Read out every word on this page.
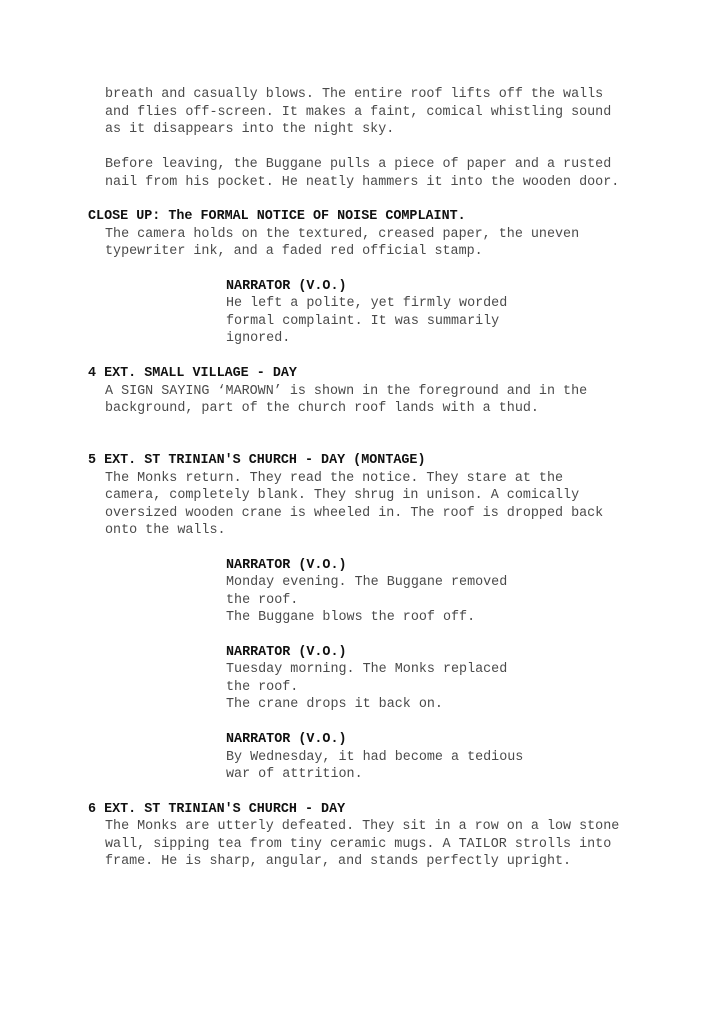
breath and casually blows. The entire roof lifts off the walls
and flies off-screen. It makes a faint, comical whistling sound
as it disappears into the night sky.
Before leaving, the Buggane pulls a piece of paper and a rusted
nail from his pocket. He neatly hammers it into the wooden door.
CLOSE UP: The FORMAL NOTICE OF NOISE COMPLAINT.
The camera holds on the textured, creased paper, the uneven
typewriter ink, and a faded red official stamp.
NARRATOR (V.O.)
He left a polite, yet firmly worded
formal complaint. It was summarily
ignored.
4 EXT. SMALL VILLAGE - DAY
A SIGN SAYING ‘MAROWN’ is shown in the foreground and in the
background, part of the church roof lands with a thud.
5 EXT. ST TRINIAN'S CHURCH - DAY (MONTAGE)
The Monks return. They read the notice. They stare at the
camera, completely blank. They shrug in unison. A comically
oversized wooden crane is wheeled in. The roof is dropped back
onto the walls.
NARRATOR (V.O.)
Monday evening. The Buggane removed
the roof.
The Buggane blows the roof off.
NARRATOR (V.O.)
Tuesday morning. The Monks replaced
the roof.
The crane drops it back on.
NARRATOR (V.O.)
By Wednesday, it had become a tedious
war of attrition.
6 EXT. ST TRINIAN'S CHURCH - DAY
The Monks are utterly defeated. They sit in a row on a low stone
wall, sipping tea from tiny ceramic mugs. A TAILOR strolls into
frame. He is sharp, angular, and stands perfectly upright.
